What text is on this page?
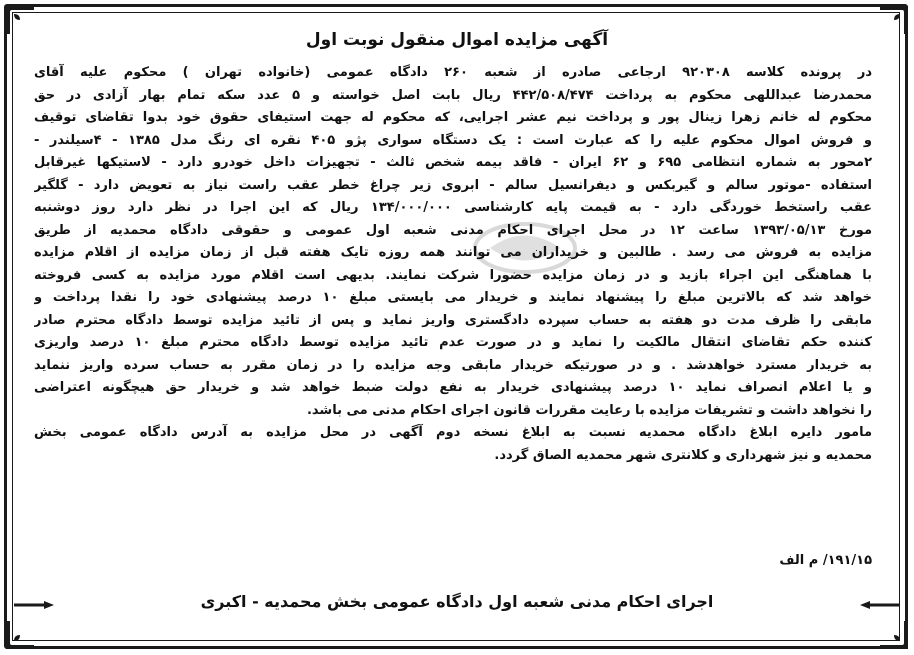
آگهی مزایده اموال منقول نوبت اول
در پرونده کلاسه ۹۲۰۳۰۸ ارجاعی صادره از شعبه ۲۶۰ دادگاه عمومی (خانواده تهران ) محکوم علیه آقای
محمدرضا عبداللهی محکوم به پرداخت ۴۴۲/۵۰۸/۴۷۴ ریال بابت اصل خواسته و ۵ عدد سکه تمام بهار آزادی در حق
محکوم له خانم زهرا زینال پور و پرداخت نیم عشر اجرایی، که محکوم له جهت استیفای حقوق خود بدوا تقاضای توقیف
و فروش اموال محکوم علیه را که عبارت است : یک دستگاه سواری پژو ۴۰۵ نقره ای رنگ مدل ۱۳۸۵ - ۴سیلندر -
۲محور به شماره انتظامی ۶۹۵ و ۶۲ ایران - فاقد بیمه شخص ثالث - تجهیزات داخل خودرو دارد - لاستیکها غیرقابل
استفاده -موتور سالم و گیربکس و دیفرانسیل سالم - ابروی زیر چراغ خطر عقب راست نیاز به تعویض دارد - گلگیر
عقب راستخط خوردگی دارد - به قیمت پایه کارشناسی ۱۳۴/۰۰۰/۰۰۰ ریال که این اجرا در نظر دارد روز دوشنبه
مورخ ۱۳۹۳/۰۵/۱۳ ساعت ۱۲ در محل اجرای احکام مدنی شعبه اول عمومی و حقوقی دادگاه محمدیه از طریق
مزایده به فروش می رسد . طالبین و خریداران می توانند همه روزه تایک هفته قبل از زمان مزایده از اقلام مزایده
با هماهنگی این اجراء بازید و در زمان مزایده حضورا شرکت نمایند. بدیهی است اقلام مورد مزایده به کسی فروخته
خواهد شد که بالاترین مبلغ را پیشنهاد نمایند و خریدار می بایستی مبلغ ۱۰ درصد پیشنهادی خود را نقدا پرداخت و
مابقی را ظرف مدت دو هفته به حساب سپرده دادگستری واریز نماید و پس از تائید مزایده توسط دادگاه محترم صادر
کننده حکم تقاضای انتقال مالکیت را نماید و در صورت عدم تائید مزایده توسط دادگاه محترم مبلغ ۱۰ درصد واریزی
به خریدار مسترد خواهدشد . و در صورتیکه خریدار مابقی وجه مزایده را در زمان مقرر به حساب سرده واریز ننماید
و یا اعلام انصراف نماید ۱۰ درصد پیشنهادی خریدار به نفع دولت ضبط خواهد شد و خریدار حق هیچگونه اعتراضی
را نخواهد داشت و تشریفات مزایده با رعایت مقررات قانون اجرای احکام مدنی می باشد.
مامور دایره ابلاغ دادگاه محمدیه نسبت به ابلاغ نسخه دوم آگهی در محل مزایده به آدرس دادگاه عمومی بخش
محمدیه و نیز شهرداری و کلانتری شهر محمدیه الصاق گردد.
۱۹۱/۱۵/ م الف
اجرای احکام مدنی شعبه اول دادگاه عمومی بخش محمدیه - اکبری
